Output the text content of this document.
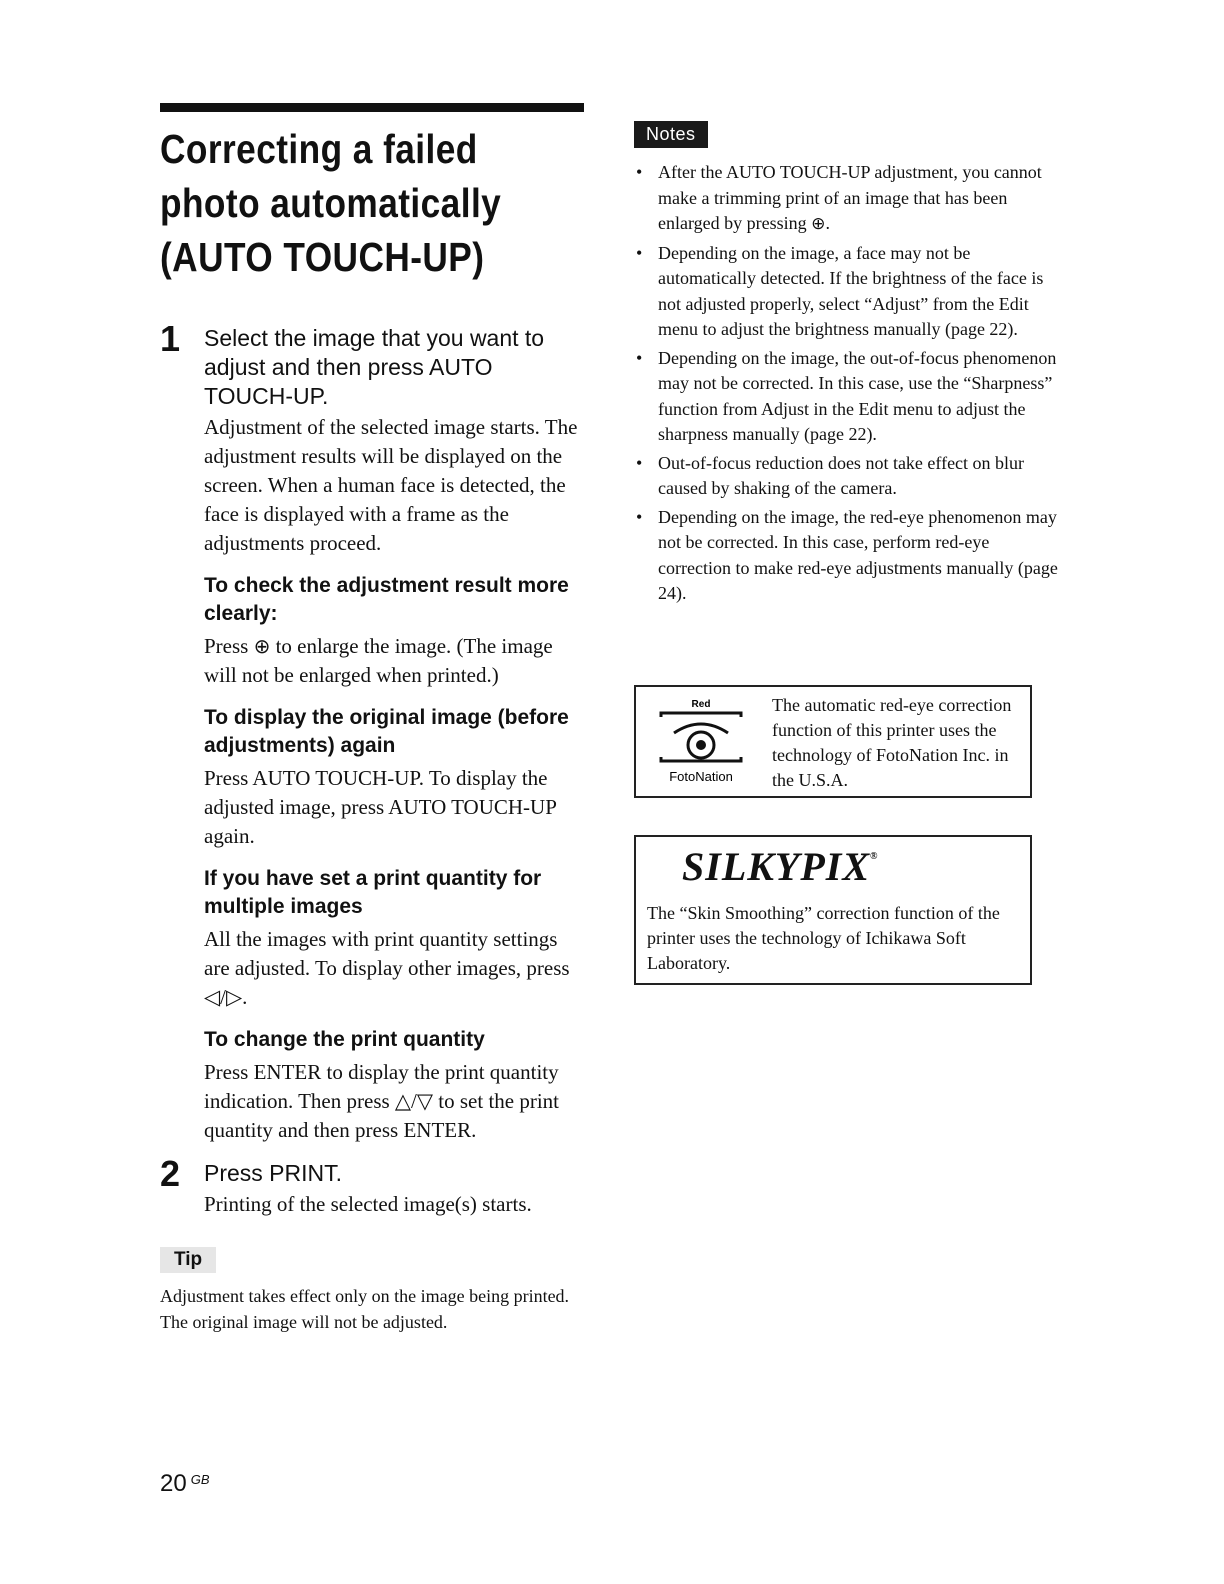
Correcting a failed
photo automatically
(AUTO TOUCH-UP)
1 Select the image that you want to adjust and then press AUTO TOUCH-UP.
Adjustment of the selected image starts. The adjustment results will be displayed on the screen. When a human face is detected, the face is displayed with a frame as the adjustments proceed.
To check the adjustment result more clearly:
Press ⊕ to enlarge the image. (The image will not be enlarged when printed.)
To display the original image (before adjustments) again
Press AUTO TOUCH-UP. To display the adjusted image, press AUTO TOUCH-UP again.
If you have set a print quantity for multiple images
All the images with print quantity settings are adjusted. To display other images, press ◁/▷.
To change the print quantity
Press ENTER to display the print quantity indication. Then press △/▽ to set the print quantity and then press ENTER.
2 Press PRINT.
Printing of the selected image(s) starts.
Tip
Adjustment takes effect only on the image being printed. The original image will not be adjusted.
Notes
• After the AUTO TOUCH-UP adjustment, you cannot make a trimming print of an image that has been enlarged by pressing ⊕.
• Depending on the image, a face may not be automatically detected. If the brightness of the face is not adjusted properly, select “Adjust” from the Edit menu to adjust the brightness manually (page 22).
• Depending on the image, the out-of-focus phenomenon may not be corrected. In this case, use the “Sharpness” function from Adjust in the Edit menu to adjust the sharpness manually (page 22).
• Out-of-focus reduction does not take effect on blur caused by shaking of the camera.
• Depending on the image, the red-eye phenomenon may not be corrected. In this case, perform red-eye correction to make red-eye adjustments manually (page 24).
Red
FotoNation
The automatic red-eye correction function of this printer uses the technology of FotoNation Inc. in the U.S.A.
SILKYPIX®
The “Skin Smoothing” correction function of the printer uses the technology of Ichikawa Soft Laboratory.
20 $^{GB}$
